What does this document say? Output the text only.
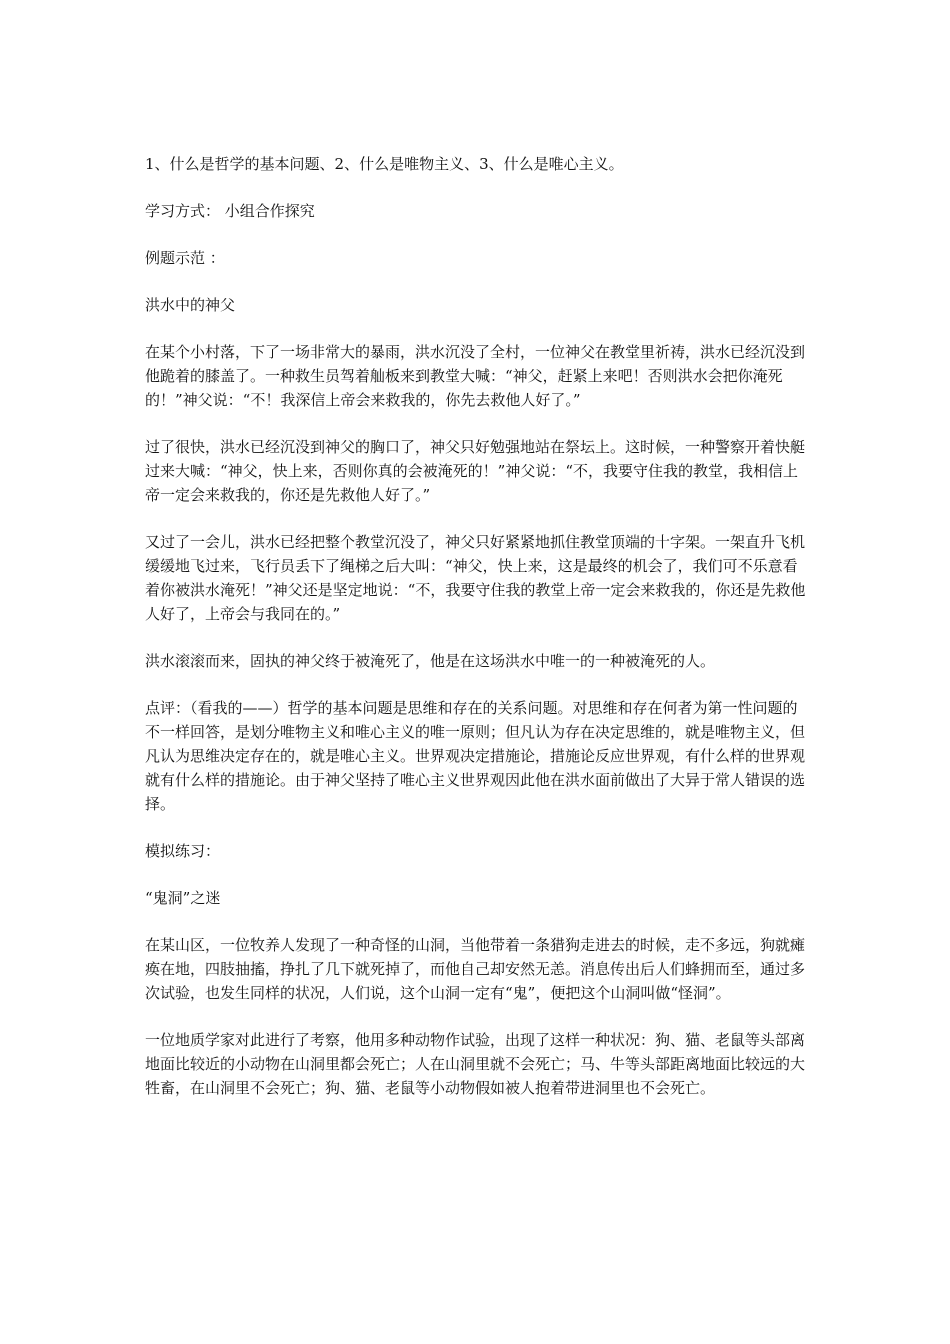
1、什么是哲学的基本问题、2、什么是唯物主义、3、什么是唯心主义。

学习方式： 小组合作探究

例题示范 ：

洪水中的神父

在某个小村落，下了一场非常大的暴雨，洪水沉没了全村，一位神父在教堂里祈祷，洪水已经沉没到他跪着的膝盖了。一种救生员驾着舢板来到教堂大喊：“神父，赶紧上来吧！否则洪水会把你淹死的！”神父说：“不！我深信上帝会来救我的，你先去救他人好了。”

过了很快，洪水已经沉没到神父的胸口了，神父只好勉强地站在祭坛上。这时候，一种警察开着快艇过来大喊：“神父，快上来，否则你真的会被淹死的！”神父说：“不，我要守住我的教堂，我相信上帝一定会来救我的，你还是先救他人好了。”

又过了一会儿，洪水已经把整个教堂沉没了，神父只好紧紧地抓住教堂顶端的十字架。一架直升飞机缓缓地飞过来，飞行员丢下了绳梯之后大叫：“神父，快上来，这是最终的机会了，我们可不乐意看着你被洪水淹死！”神父还是坚定地说：“不，我要守住我的教堂上帝一定会来救我的，你还是先救他人好了，上帝会与我同在的。”

洪水滚滚而来，固执的神父终于被淹死了，他是在这场洪水中唯一的一种被淹死的人。

点评：（看我的——）哲学的基本问题是思维和存在的关系问题。对思维和存在何者为第一性问题的不一样回答，是划分唯物主义和唯心主义的唯一原则；但凡认为存在决定思维的，就是唯物主义，但凡认为思维决定存在的，就是唯心主义。世界观决定措施论，措施论反应世界观，有什么样的世界观就有什么样的措施论。由于神父坚持了唯心主义世界观因此他在洪水面前做出了大异于常人错误的选择。

模拟练习：

“鬼洞”之迷

在某山区，一位牧养人发现了一种奇怪的山洞，当他带着一条猎狗走进去的时候，走不多远，狗就瘫痪在地，四肢抽搐，挣扎了几下就死掉了，而他自己却安然无恙。消息传出后人们蜂拥而至，通过多次试验，也发生同样的状况，人们说，这个山洞一定有“鬼”，便把这个山洞叫做“怪洞”。

一位地质学家对此进行了考察，他用多种动物作试验，出现了这样一种状况：狗、猫、老鼠等头部离地面比较近的小动物在山洞里都会死亡；人在山洞里就不会死亡；马、牛等头部距离地面比较远的大牲畜，在山洞里不会死亡；狗、猫、老鼠等小动物假如被人抱着带进洞里也不会死亡。
